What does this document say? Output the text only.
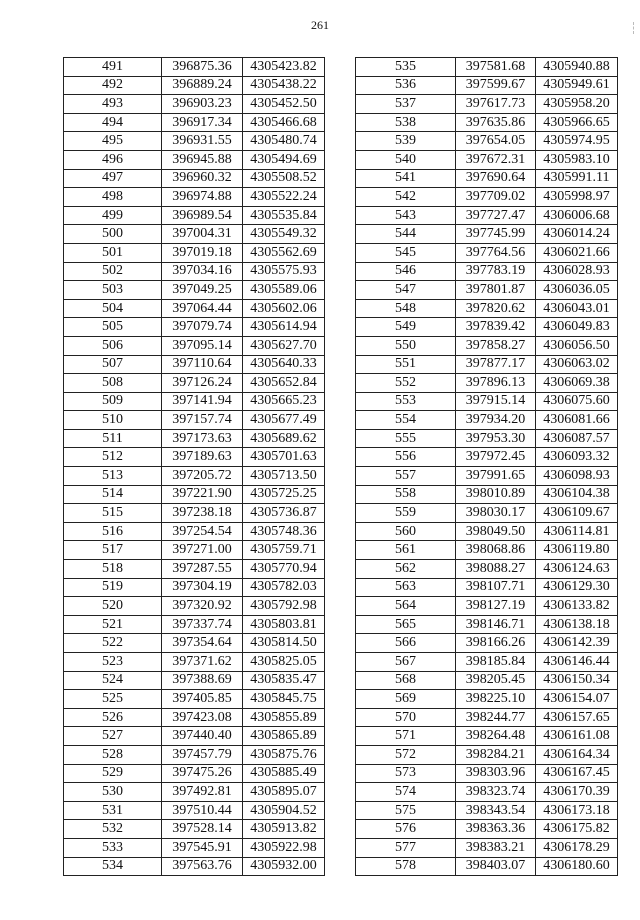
261
491	396875.36	4305423.82
492	396889.24	4305438.22
493	396903.23	4305452.50
494	396917.34	4305466.68
495	396931.55	4305480.74
496	396945.88	4305494.69
497	396960.32	4305508.52
498	396974.88	4305522.24
499	396989.54	4305535.84
500	397004.31	4305549.32
501	397019.18	4305562.69
502	397034.16	4305575.93
503	397049.25	4305589.06
504	397064.44	4305602.06
505	397079.74	4305614.94
506	397095.14	4305627.70
507	397110.64	4305640.33
508	397126.24	4305652.84
509	397141.94	4305665.23
510	397157.74	4305677.49
511	397173.63	4305689.62
512	397189.63	4305701.63
513	397205.72	4305713.50
514	397221.90	4305725.25
515	397238.18	4305736.87
516	397254.54	4305748.36
517	397271.00	4305759.71
518	397287.55	4305770.94
519	397304.19	4305782.03
520	397320.92	4305792.98
521	397337.74	4305803.81
522	397354.64	4305814.50
523	397371.62	4305825.05
524	397388.69	4305835.47
525	397405.85	4305845.75
526	397423.08	4305855.89
527	397440.40	4305865.89
528	397457.79	4305875.76
529	397475.26	4305885.49
530	397492.81	4305895.07
531	397510.44	4305904.52
532	397528.14	4305913.82
533	397545.91	4305922.98
534	397563.76	4305932.00
535	397581.68	4305940.88
536	397599.67	4305949.61
537	397617.73	4305958.20
538	397635.86	4305966.65
539	397654.05	4305974.95
540	397672.31	4305983.10
541	397690.64	4305991.11
542	397709.02	4305998.97
543	397727.47	4306006.68
544	397745.99	4306014.24
545	397764.56	4306021.66
546	397783.19	4306028.93
547	397801.87	4306036.05
548	397820.62	4306043.01
549	397839.42	4306049.83
550	397858.27	4306056.50
551	397877.17	4306063.02
552	397896.13	4306069.38
553	397915.14	4306075.60
554	397934.20	4306081.66
555	397953.30	4306087.57
556	397972.45	4306093.32
557	397991.65	4306098.93
558	398010.89	4306104.38
559	398030.17	4306109.67
560	398049.50	4306114.81
561	398068.86	4306119.80
562	398088.27	4306124.63
563	398107.71	4306129.30
564	398127.19	4306133.82
565	398146.71	4306138.18
566	398166.26	4306142.39
567	398185.84	4306146.44
568	398205.45	4306150.34
569	398225.10	4306154.07
570	398244.77	4306157.65
571	398264.48	4306161.08
572	398284.21	4306164.34
573	398303.96	4306167.45
574	398323.74	4306170.39
575	398343.54	4306173.18
576	398363.36	4306175.82
577	398383.21	4306178.29
578	398403.07	4306180.60
